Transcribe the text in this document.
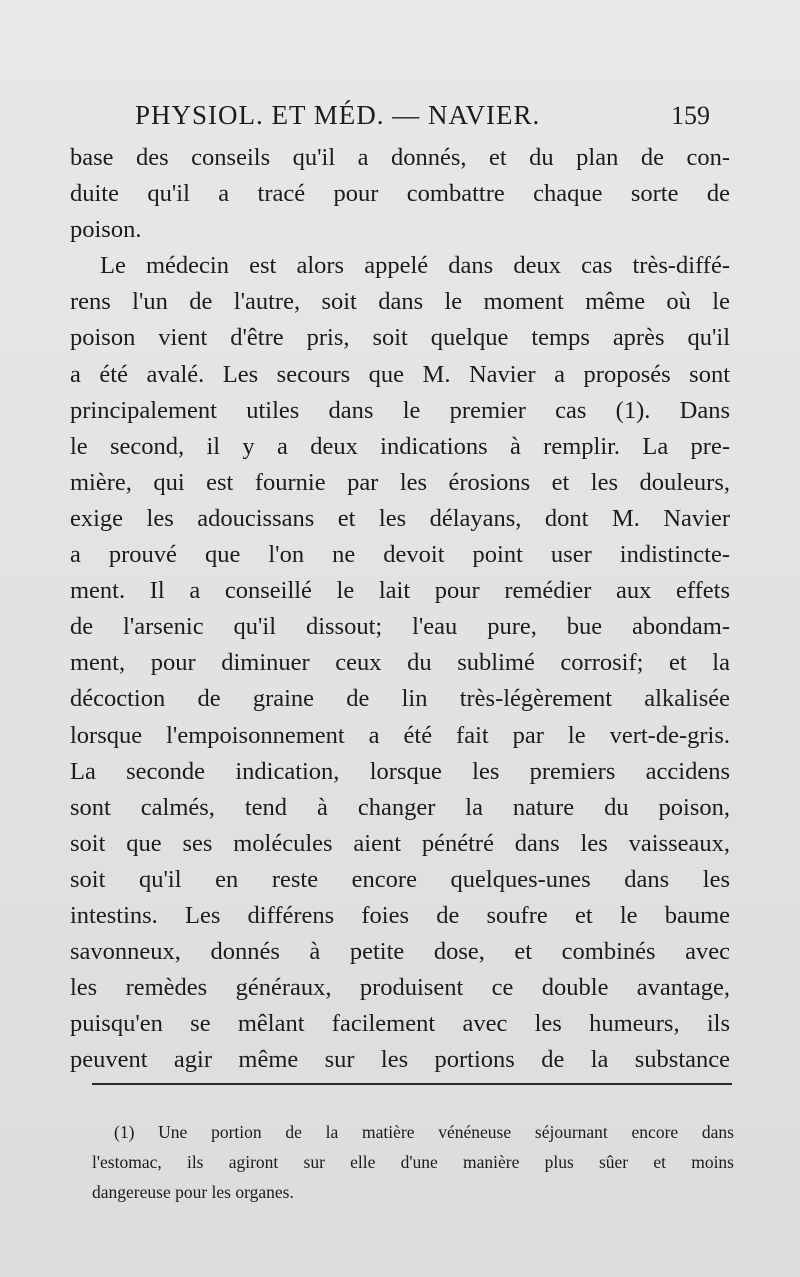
PHYSIOL. ET MÉD. — NAVIER.	159
base des conseils qu'il a donnés, et du plan de con-
duite qu'il a tracé pour combattre chaque sorte de
poison.
Le médecin est alors appelé dans deux cas très-diffé-
rens l'un de l'autre, soit dans le moment même où le
poison vient d'être pris, soit quelque temps après qu'il
a été avalé. Les secours que M. Navier a proposés sont
principalement utiles dans le premier cas (1). Dans
le second, il y a deux indications à remplir. La pre-
mière, qui est fournie par les érosions et les douleurs,
exige les adoucissans et les délayans, dont M. Navier
a prouvé que l'on ne devoit point user indistincte-
ment. Il a conseillé le lait pour remédier aux effets
de l'arsenic qu'il dissout; l'eau pure, bue abondam-
ment, pour diminuer ceux du sublimé corrosif; et la
décoction de graine de lin très-légèrement alkalisée
lorsque l'empoisonnement a été fait par le vert-de-gris.
La seconde indication, lorsque les premiers accidens
sont calmés, tend à changer la nature du poison,
soit que ses molécules aient pénétré dans les vaisseaux,
soit qu'il en reste encore quelques-unes dans les
intestins. Les différens foies de soufre et le baume
savonneux, donnés à petite dose, et combinés avec
les remèdes généraux, produisent ce double avantage,
puisqu'en se mêlant facilement avec les humeurs, ils
peuvent agir même sur les portions de la substance
(1) Une portion de la matière vénéneuse séjournant encore dans
l'estomac, ils agiront sur elle d'une manière plus sûer et moins
dangereuse pour les organes.
